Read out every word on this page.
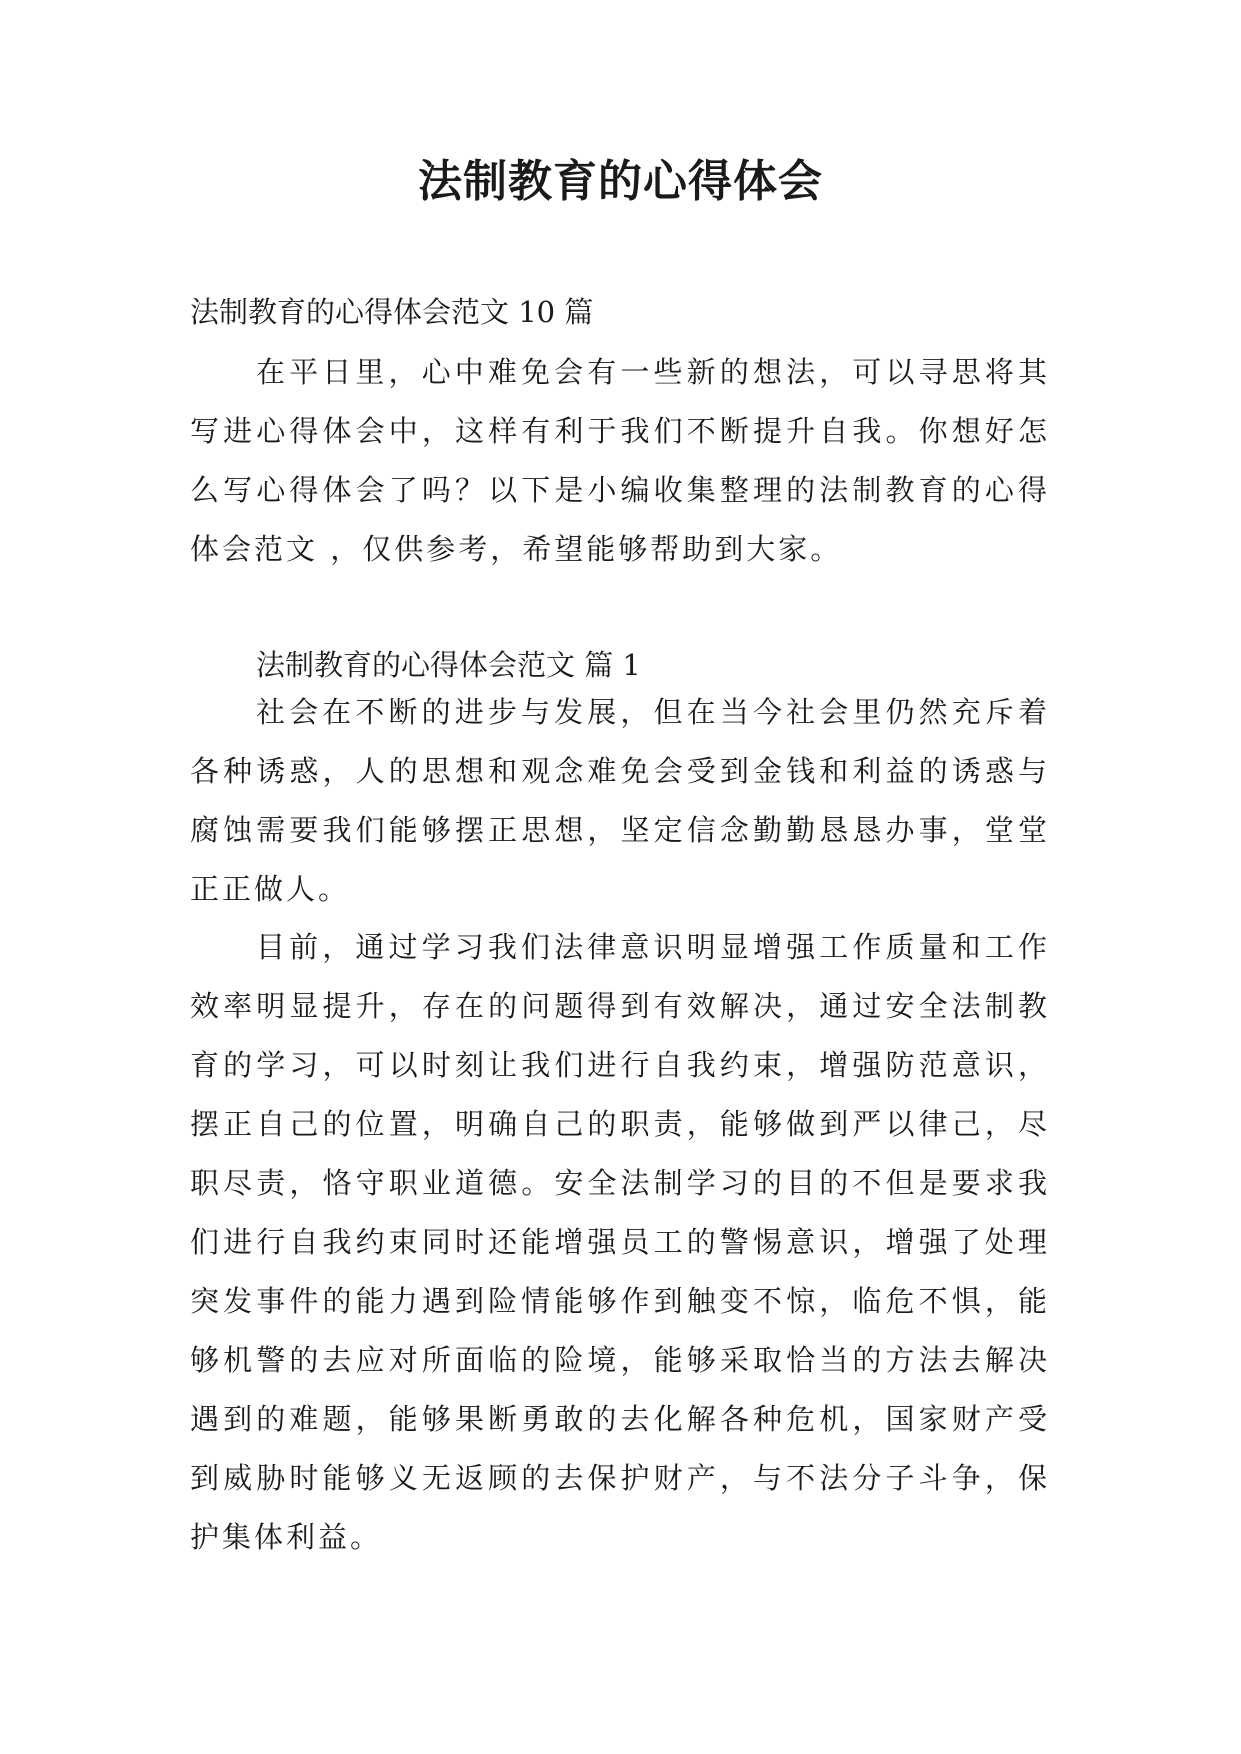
法制教育的心得体会

法制教育的心得体会范文 10 篇

在平日里，心中难免会有一些新的想法，可以寻思将其写进心得体会中，这样有利于我们不断提升自我。你想好怎么写心得体会了吗？以下是小编收集整理的法制教育的心得体会范文 ，仅供参考，希望能够帮助到大家。

法制教育的心得体会范文 篇 1

社会在不断的进步与发展，但在当今社会里仍然充斥着各种诱惑，人的思想和观念难免会受到金钱和利益的诱惑与腐蚀需要我们能够摆正思想，坚定信念勤勤恳恳办事，堂堂正正做人。

目前，通过学习我们法律意识明显增强工作质量和工作效率明显提升，存在的问题得到有效解决，通过安全法制教育的学习，可以时刻让我们进行自我约束，增强防范意识，摆正自己的位置，明确自己的职责，能够做到严以律己，尽职尽责，恪守职业道德。安全法制学习的目的不但是要求我们进行自我约束同时还能增强员工的警惕意识，增强了处理突发事件的能力遇到险情能够作到触变不惊，临危不惧，能够机警的去应对所面临的险境，能够采取恰当的方法去解决遇到的难题，能够果断勇敢的去化解各种危机，国家财产受到威胁时能够义无返顾的去保护财产，与不法分子斗争，保护集体利益。
